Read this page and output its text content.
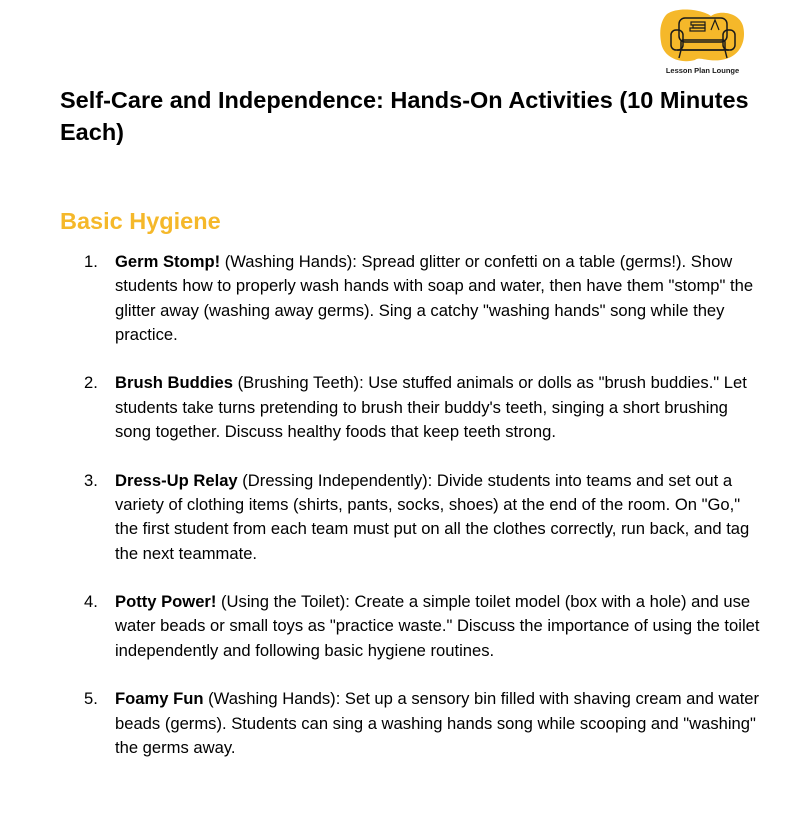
Lesson Plan Lounge
Self-Care and Independence: Hands-On Activities (10 Minutes Each)
Basic Hygiene
1. Germ Stomp! (Washing Hands): Spread glitter or confetti on a table (germs!). Show students how to properly wash hands with soap and water, then have them "stomp" the glitter away (washing away germs). Sing a catchy "washing hands" song while they practice.
2. Brush Buddies (Brushing Teeth): Use stuffed animals or dolls as "brush buddies." Let students take turns pretending to brush their buddy's teeth, singing a short brushing song together. Discuss healthy foods that keep teeth strong.
3. Dress-Up Relay (Dressing Independently): Divide students into teams and set out a variety of clothing items (shirts, pants, socks, shoes) at the end of the room. On "Go," the first student from each team must put on all the clothes correctly, run back, and tag the next teammate.
4. Potty Power! (Using the Toilet): Create a simple toilet model (box with a hole) and use water beads or small toys as "practice waste." Discuss the importance of using the toilet independently and following basic hygiene routines.
5. Foamy Fun (Washing Hands): Set up a sensory bin filled with shaving cream and water beads (germs). Students can sing a washing hands song while scooping and "washing" the germs away.
